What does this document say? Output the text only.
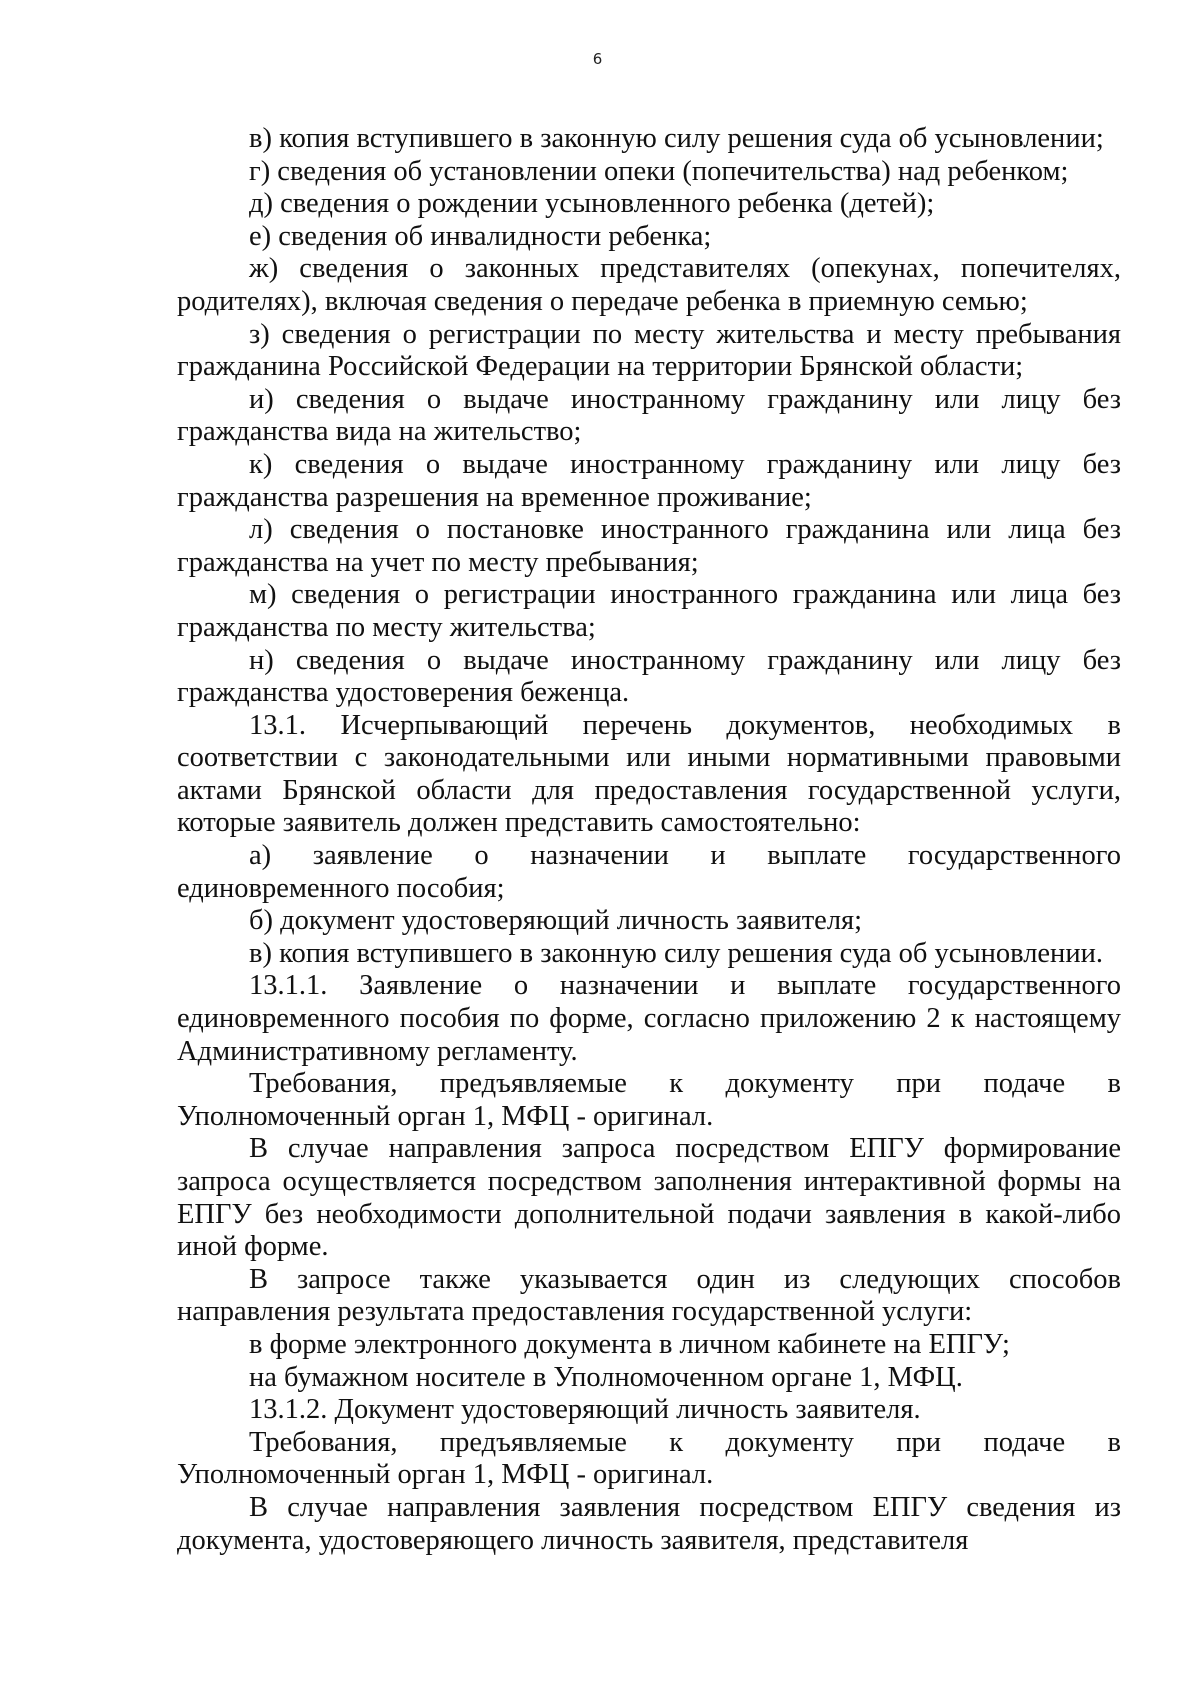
6

в) копия вступившего в законную силу решения суда об усыновлении;

г) сведения об установлении опеки (попечительства) над ребенком;

д) сведения о рождении усыновленного ребенка (детей);

е) сведения об инвалидности ребенка;

ж) сведения о законных представителях (опекунах, попечителях, родителях), включая сведения о передаче ребенка в приемную семью;

з) сведения о регистрации по месту жительства и месту пребывания гражданина Российской Федерации на территории Брянской области;

и) сведения о выдаче иностранному гражданину или лицу без гражданства вида на жительство;

к) сведения о выдаче иностранному гражданину или лицу без гражданства разрешения на временное проживание;

л) сведения о постановке иностранного гражданина или лица без гражданства на учет по месту пребывания;

м) сведения о регистрации иностранного гражданина или лица без гражданства по месту жительства;

н) сведения о выдаче иностранному гражданину или лицу без гражданства удостоверения беженца.

13.1. Исчерпывающий перечень документов, необходимых в соответствии с законодательными или иными нормативными правовыми актами Брянской области для предоставления государственной услуги, которые заявитель должен представить самостоятельно:

а) заявление о назначении и выплате государственного единовременного пособия;

б) документ удостоверяющий личность заявителя;

в) копия вступившего в законную силу решения суда об усыновлении.

13.1.1. Заявление о назначении и выплате государственного единовременного пособия по форме, согласно приложению 2 к настоящему Административному регламенту.

Требования, предъявляемые к документу при подаче в Уполномоченный орган 1, МФЦ - оригинал.

В случае направления запроса посредством ЕПГУ формирование запроса осуществляется посредством заполнения интерактивной формы на ЕПГУ без необходимости дополнительной подачи заявления в какой-либо иной форме.

В запросе также указывается один из следующих способов направления результата предоставления государственной услуги:

в форме электронного документа в личном кабинете на ЕПГУ;

на бумажном носителе в Уполномоченном органе 1, МФЦ.

13.1.2. Документ удостоверяющий личность заявителя.

Требования, предъявляемые к документу при подаче в Уполномоченный орган 1, МФЦ - оригинал.

В случае направления заявления посредством ЕПГУ сведения из документа, удостоверяющего личность заявителя, представителя
